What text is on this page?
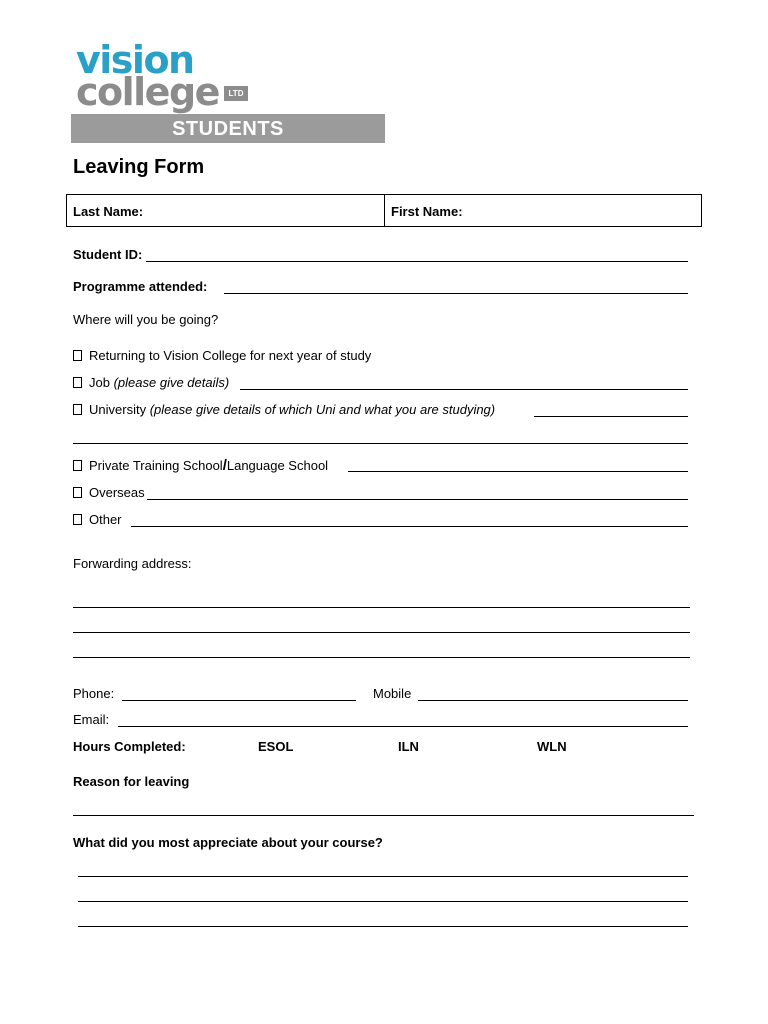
vision
college	LTD
STUDENTS
Leaving Form
Last Name:	First Name:
Student ID:
Programme attended:
Where will you be going?
Returning to Vision College for next year of study
Job (please give details)
University (please give details of which Uni and what you are studying)
Private Training School/Language School
Overseas
Other
Forwarding address:
Phone:	Mobile
Email:
Hours Completed:	ESOL	ILN	WLN
Reason for leaving
What did you most appreciate about your course?
